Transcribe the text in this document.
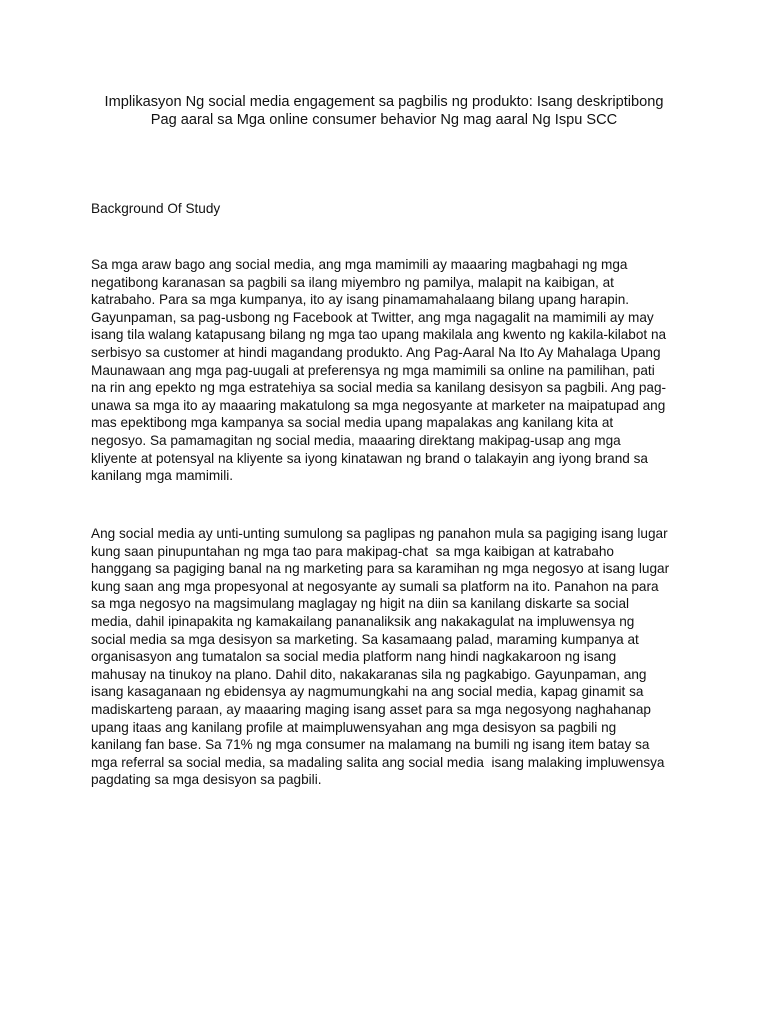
Implikasyon Ng social media engagement sa pagbilis ng produkto: Isang deskriptibong
Pag aaral sa Mga online consumer behavior Ng mag aaral Ng Ispu SCC
Background Of Study
Sa mga araw bago ang social media, ang mga mamimili ay maaaring magbahagi ng mga
negatibong karanasan sa pagbili sa ilang miyembro ng pamilya, malapit na kaibigan, at
katrabaho. Para sa mga kumpanya, ito ay isang pinamamahalaang bilang upang harapin.
Gayunpaman, sa pag-usbong ng Facebook at Twitter, ang mga nagagalit na mamimili ay may
isang tila walang katapusang bilang ng mga tao upang makilala ang kwento ng kakila-kilabot na
serbisyo sa customer at hindi magandang produkto. Ang Pag-Aaral Na Ito Ay Mahalaga Upang
Maunawaan ang mga pag-uugali at preferensya ng mga mamimili sa online na pamilihan, pati
na rin ang epekto ng mga estratehiya sa social media sa kanilang desisyon sa pagbili. Ang pag-
unawa sa mga ito ay maaaring makatulong sa mga negosyante at marketer na maipatupad ang
mas epektibong mga kampanya sa social media upang mapalakas ang kanilang kita at
negosyo. Sa pamamagitan ng social media, maaaring direktang makipag-usap ang mga
kliyente at potensyal na kliyente sa iyong kinatawan ng brand o talakayin ang iyong brand sa
kanilang mga mamimili.
Ang social media ay unti-unting sumulong sa paglipas ng panahon mula sa pagiging isang lugar
kung saan pinupuntahan ng mga tao para makipag-chat  sa mga kaibigan at katrabaho
hanggang sa pagiging banal na ng marketing para sa karamihan ng mga negosyo at isang lugar
kung saan ang mga propesyonal at negosyante ay sumali sa platform na ito. Panahon na para
sa mga negosyo na magsimulang maglagay ng higit na diin sa kanilang diskarte sa social
media, dahil ipinapakita ng kamakailang pananaliksik ang nakakagulat na impluwensya ng
social media sa mga desisyon sa marketing. Sa kasamaang palad, maraming kumpanya at
organisasyon ang tumatalon sa social media platform nang hindi nagkakaroon ng isang
mahusay na tinukoy na plano. Dahil dito, nakakaranas sila ng pagkabigo. Gayunpaman, ang
isang kasaganaan ng ebidensya ay nagmumungkahi na ang social media, kapag ginamit sa
madiskarteng paraan, ay maaaring maging isang asset para sa mga negosyong naghahanap
upang itaas ang kanilang profile at maimpluwensyahan ang mga desisyon sa pagbili ng
kanilang fan base. Sa 71% ng mga consumer na malamang na bumili ng isang item batay sa
mga referral sa social media, sa madaling salita ang social media  isang malaking impluwensya
pagdating sa mga desisyon sa pagbili.
